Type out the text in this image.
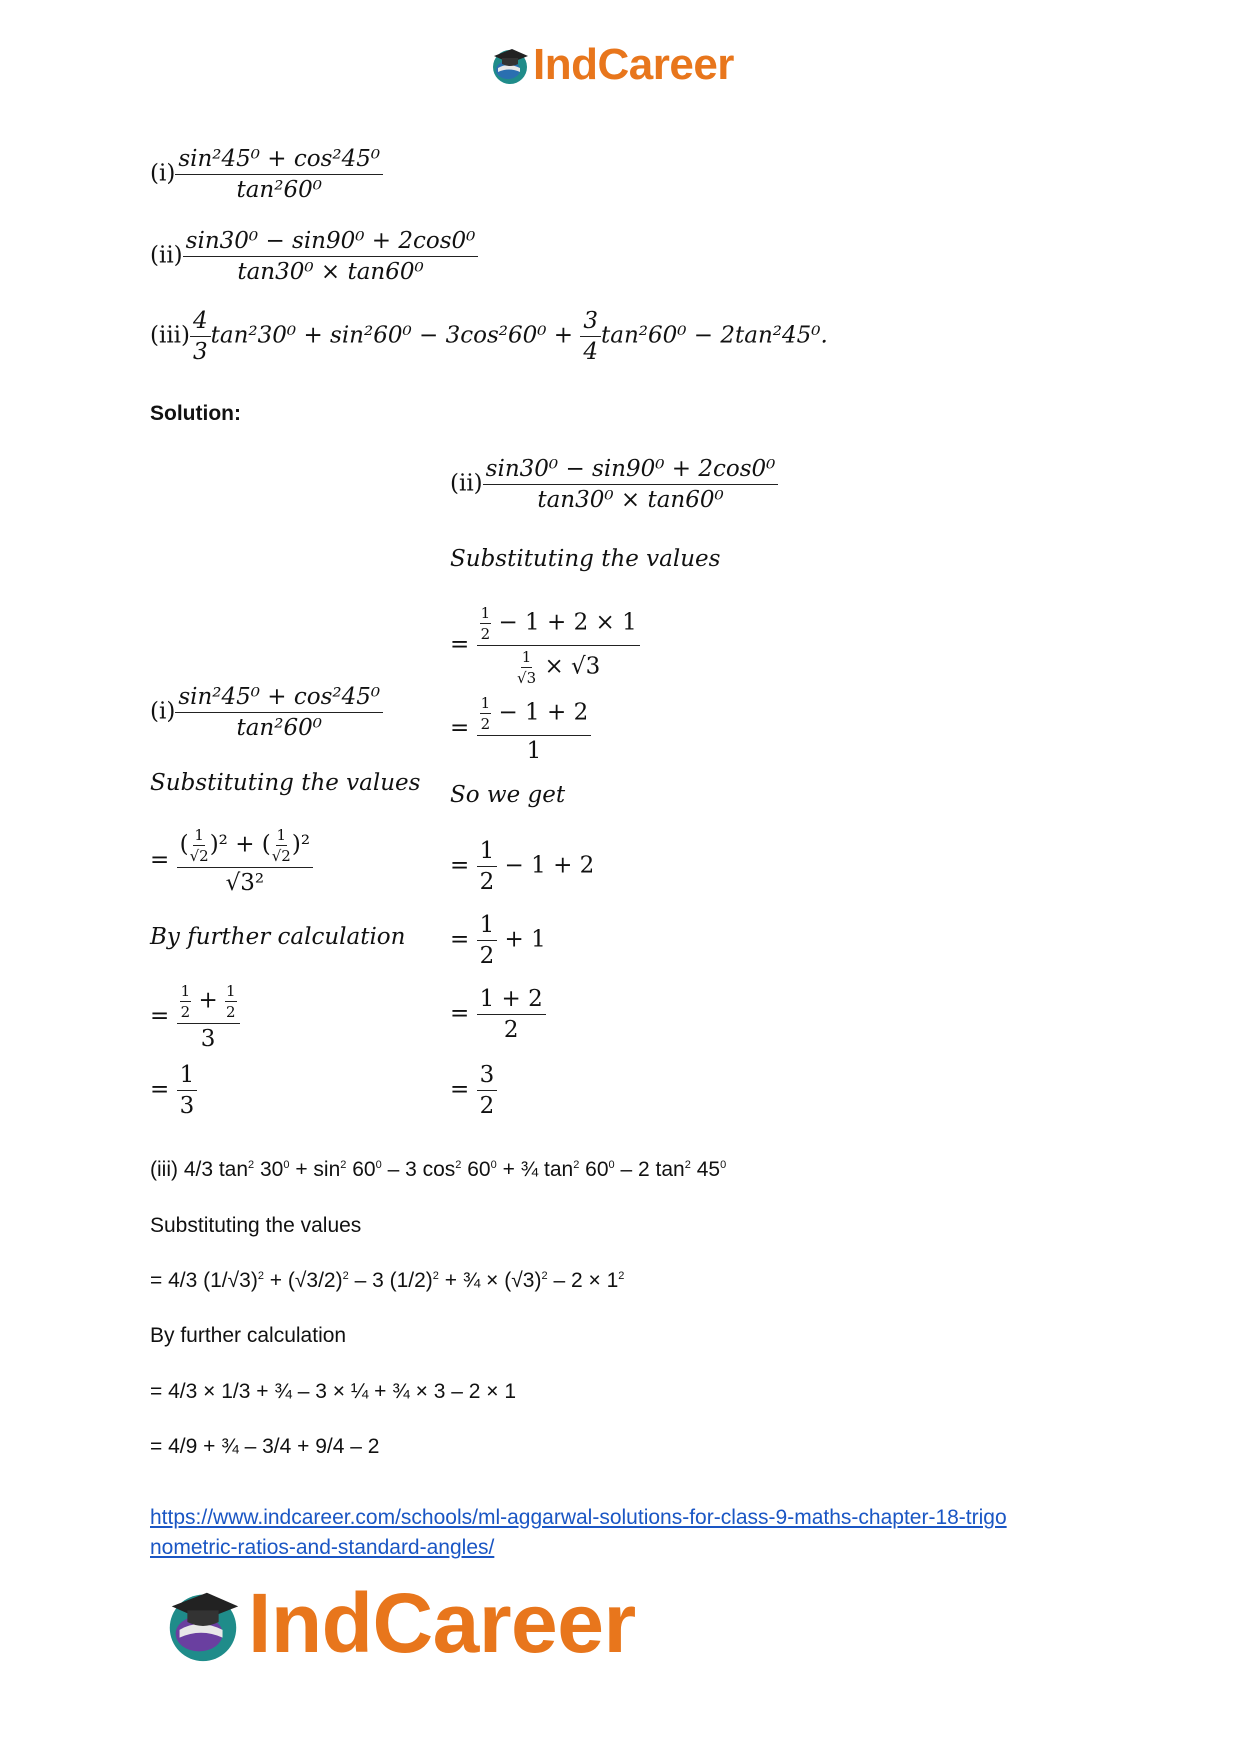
IndCareer
$(i) \frac{\text{sin²45⁰ + cos²45⁰}}{\text{tan²60⁰}}$
$(ii) \frac{\text{sin30⁰ − sin90⁰ + 2cos0⁰}}{\text{tan30⁰ × tan60⁰}}$
$(iii) \frac{4}{3} \tan^230^0 + \sin^260^0 - 3\cos^260^0 + \frac{3}{4} \tan^260^0 - 2\tan^245^0$.
Solution:
$(ii) \frac{\text{sin30⁰ − sin90⁰ + 2cos0⁰}}{\text{tan30⁰ × tan60⁰}}$
Substituting the values
= $\frac{\frac{1}{2} - 1 + 2 \times 1}{\frac{1}{√3} \times √3}$
= $\frac{\frac{1}{2} - 1 + 2}{1}$
So we get
= $\frac{1}{2} - 1 + 2$
= $\frac{1}{2} + 1$
= $\frac{1 + 2}{2}$
= $\frac{3}{2}$
$(i) \frac{\text{sin²45⁰ + cos²45⁰}}{\text{tan²60⁰}}$
Substituting the values
= $\frac{( \frac{1}{√2} )^2 + ( \frac{1}{√2} )^2}{\text{√3²}}$
By further calculation
= $\frac{\frac{1}{2} + \frac{1}{2}}{3}$
= $\frac{1}{3}$
(iii) 4/3 $\tan^2 30^0 + \sin^2 60^0 - 3$ $\cos^2 60^0$ + ¾ $\tan^2 60^0 - 2$ $\tan^2 45^0$
Substituting the values
= 4/3 $(1/√3)^2 + (√3/2)^2 - 3$ $(1/2)^2$ + ¾ × $(√3)^2 - 2 \times 1^2$
By further calculation
= 4/3 × 1/3 + ¾ – 3 × ¼ + ¾ × 3 – 2 × 1
= 4/9 + ¾ – 3/4 + 9/4 – 2
https://www.indcareer.com/schools/ml-aggarwal-solutions-for-class-9-maths-chapter-18-trigo
nometric-ratios-and-standard-angles/
IndCareer
